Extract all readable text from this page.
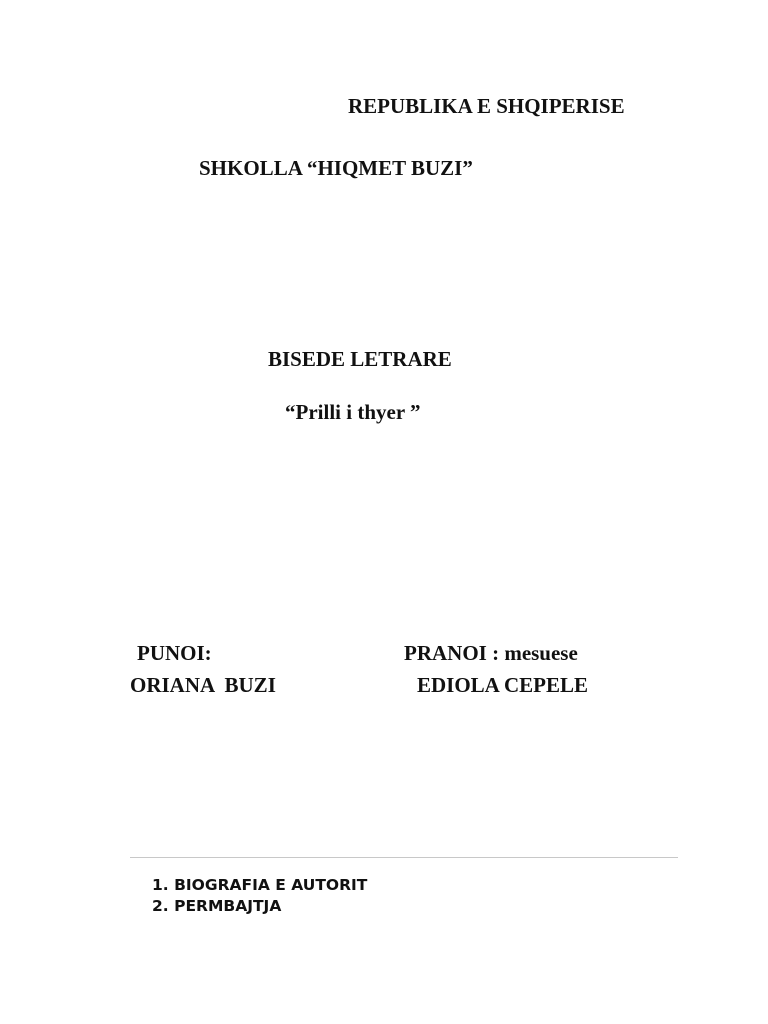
REPUBLIKA E SHQIPERISE
SHKOLLA “HIQMET BUZI”
BISEDE LETRARE
“Prilli i thyer ”
PUNOI:
ORIANA  BUZI
PRANOI : mesuese
EDIOLA CEPELE
1. BIOGRAFIA E AUTORIT
2. PERMBAJTJA
